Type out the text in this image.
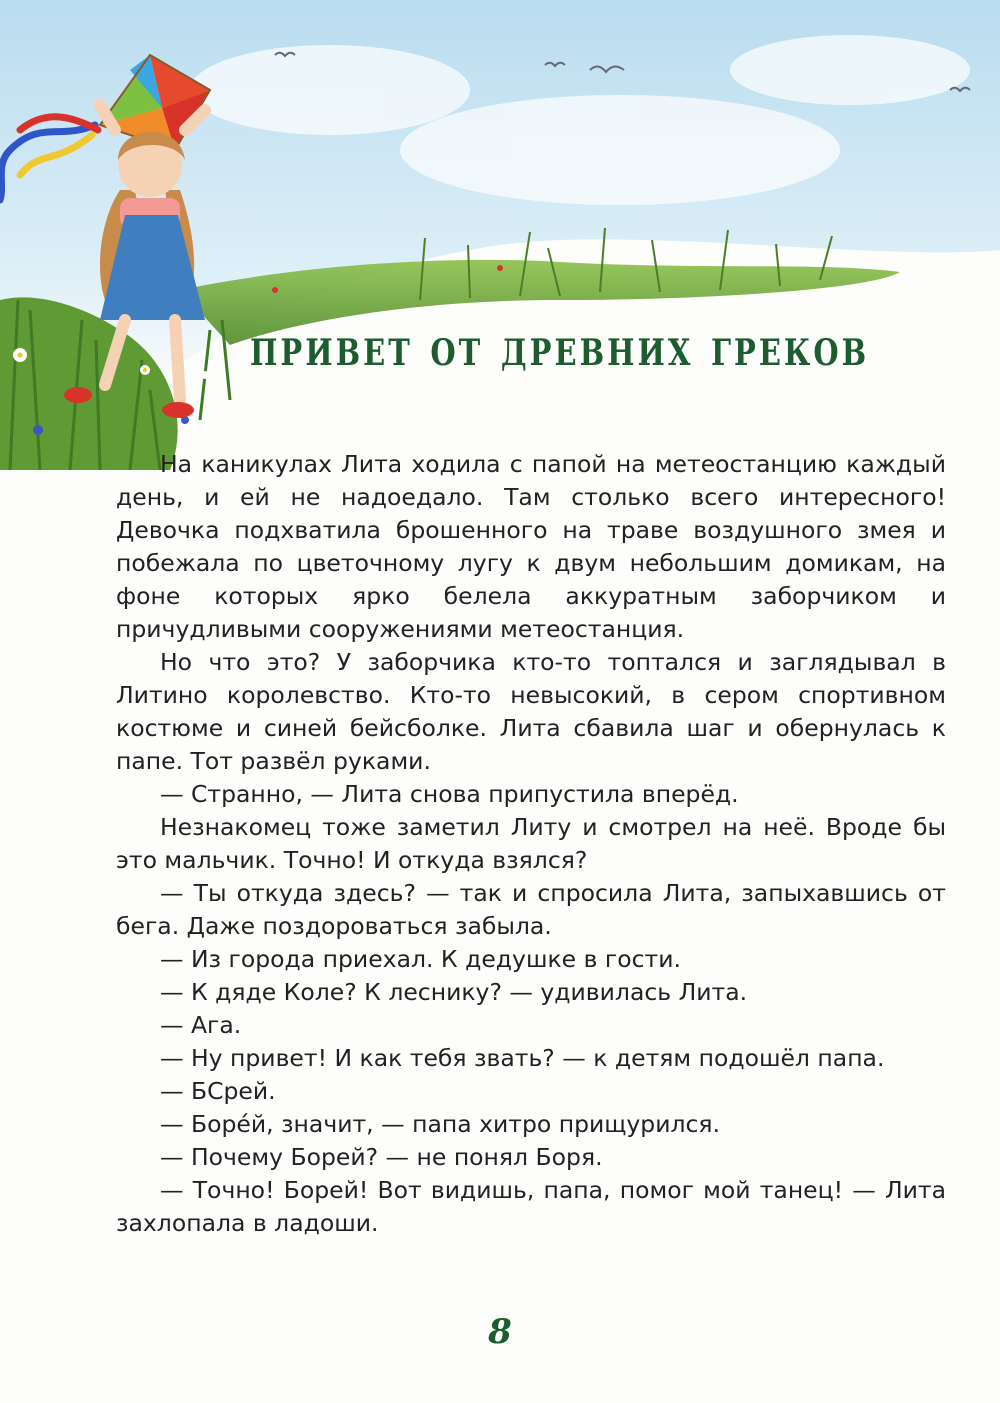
привет от древних греков

На каникулах Лита ходила с папой на метеостанцию каждый день, и ей не надоедало. Там столько всего интересного! Девочка подхватила брошенного на траве воздушного змея и побежала по цветочному лугу к двум небольшим домикам, на фоне которых ярко белела аккуратным заборчиком и причудливыми сооружениями метеостанция.

Но что это? У заборчика кто-то топтался и заглядывал в Литино королевство. Кто-то невысокий, в сером спортивном костюме и синей бейсболке. Лита сбавила шаг и обернулась к папе. Тот развёл руками.

— Странно, — Лита снова припустила вперёд.

Незнакомец тоже заметил Литу и смотрел на неё. Вроде бы это мальчик. Точно! И откуда взялся?

— Ты откуда здесь? — так и спросила Лита, запыхавшись от бега. Даже поздороваться забыла.

— Из города приехал. К дедушке в гости.

— К дяде Коле? К леснику? — удивилась Лита.

— Ага.

— Ну привет! И как тебя звать? — к детям подошёл папа.

— БСрей.

— Боре́й, значит, — папа хитро прищурился.

— Почему Борей? — не понял Боря.

— Точно! Борей! Вот видишь, папа, помог мой танец! — Лита захлопала в ладоши.

8
